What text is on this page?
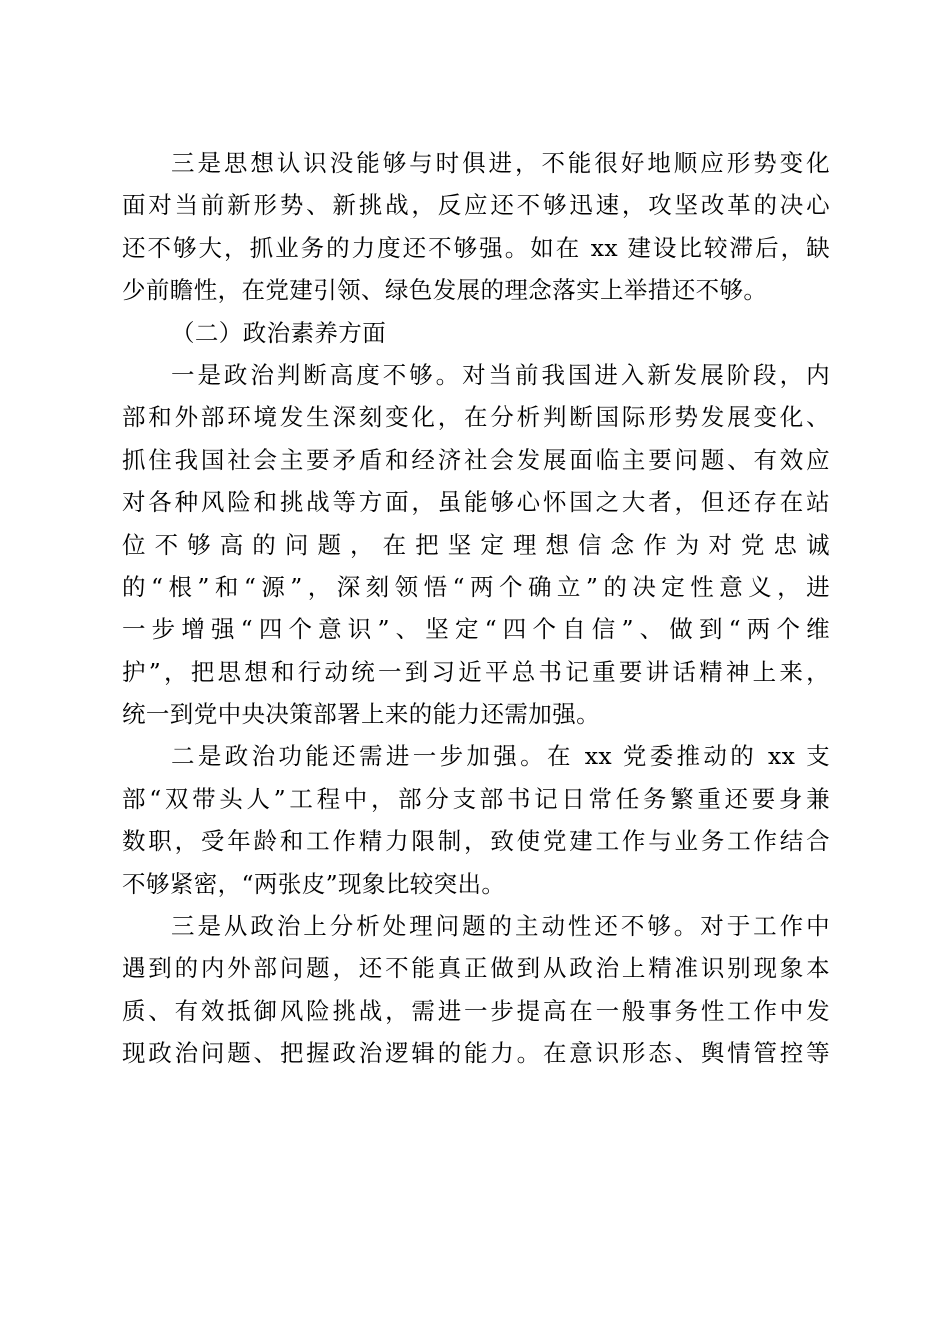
三是思想认识没能够与时俱进，不能很好地顺应形势变化
面对当前新形势、新挑战，反应还不够迅速，攻坚改革的决心
还不够大，抓业务的力度还不够强。如在 xx 建设比较滞后，缺
少前瞻性，在党建引领、绿色发展的理念落实上举措还不够。
（二）政治素养方面
一是政治判断高度不够。对当前我国进入新发展阶段，内
部和外部环境发生深刻变化，在分析判断国际形势发展变化、
抓住我国社会主要矛盾和经济社会发展面临主要问题、有效应
对各种风险和挑战等方面，虽能够心怀国之大者，但还存在站
位不够高的问题，在把坚定理想信念作为对党忠诚
的“根”和“源”，深刻领悟“两个确立”的决定性意义，进
一步增强“四个意识”、坚定“四个自信”、做到“两个维
护”，把思想和行动统一到习近平总书记重要讲话精神上来，
统一到党中央决策部署上来的能力还需加强。
二是政治功能还需进一步加强。在 xx 党委推动的 xx 支
部“双带头人”工程中，部分支部书记日常任务繁重还要身兼
数职，受年龄和工作精力限制，致使党建工作与业务工作结合
不够紧密，“两张皮”现象比较突出。
三是从政治上分析处理问题的主动性还不够。对于工作中
遇到的内外部问题，还不能真正做到从政治上精准识别现象本
质、有效抵御风险挑战，需进一步提高在一般事务性工作中发
现政治问题、把握政治逻辑的能力。在意识形态、舆情管控等
